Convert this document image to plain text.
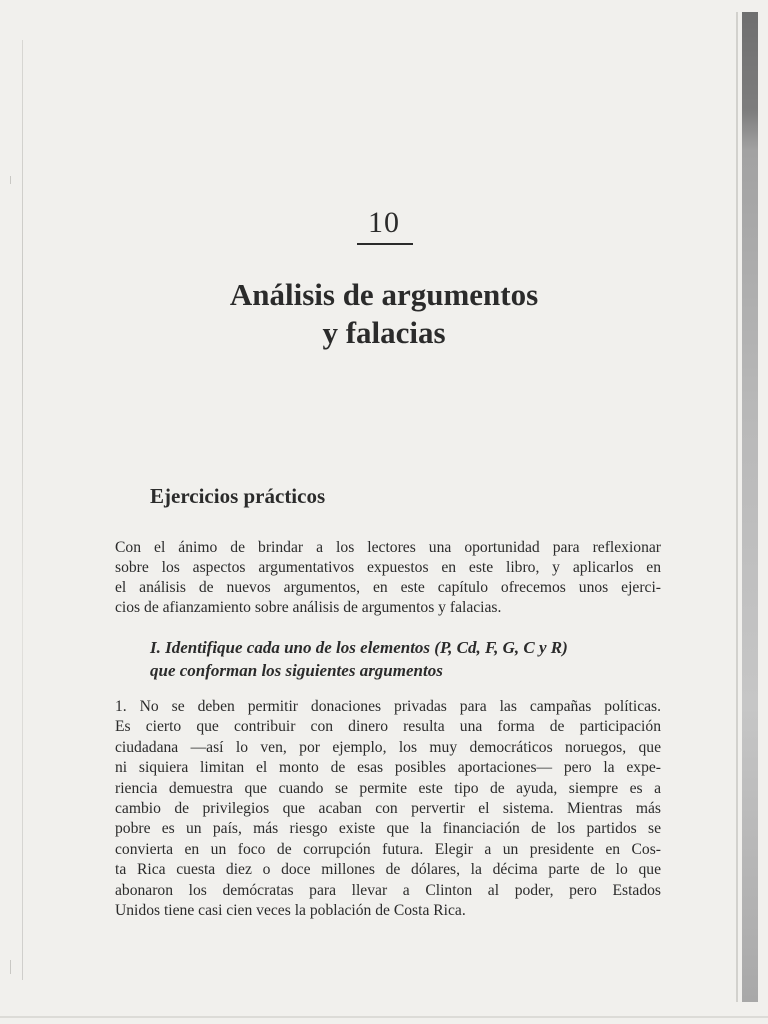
10
Análisis de argumentos
y falacias
Ejercicios prácticos
Con el ánimo de brindar a los lectores una oportunidad para reflexionar
sobre los aspectos argumentativos expuestos en este libro, y aplicarlos en
el análisis de nuevos argumentos, en este capítulo ofrecemos unos ejerci-
cios de afianzamiento sobre análisis de argumentos y falacias.
I. Identifique cada uno de los elementos (P, Cd, F, G, C y R)
que conforman los siguientes argumentos
1. No se deben permitir donaciones privadas para las campañas políticas.
Es cierto que contribuir con dinero resulta una forma de participación
ciudadana —así lo ven, por ejemplo, los muy democráticos noruegos, que
ni siquiera limitan el monto de esas posibles aportaciones— pero la expe-
riencia demuestra que cuando se permite este tipo de ayuda, siempre es a
cambio de privilegios que acaban con pervertir el sistema. Mientras más
pobre es un país, más riesgo existe que la financiación de los partidos se
convierta en un foco de corrupción futura. Elegir a un presidente en Cos-
ta Rica cuesta diez o doce millones de dólares, la décima parte de lo que
abonaron los demócratas para llevar a Clinton al poder, pero Estados
Unidos tiene casi cien veces la población de Costa Rica.
